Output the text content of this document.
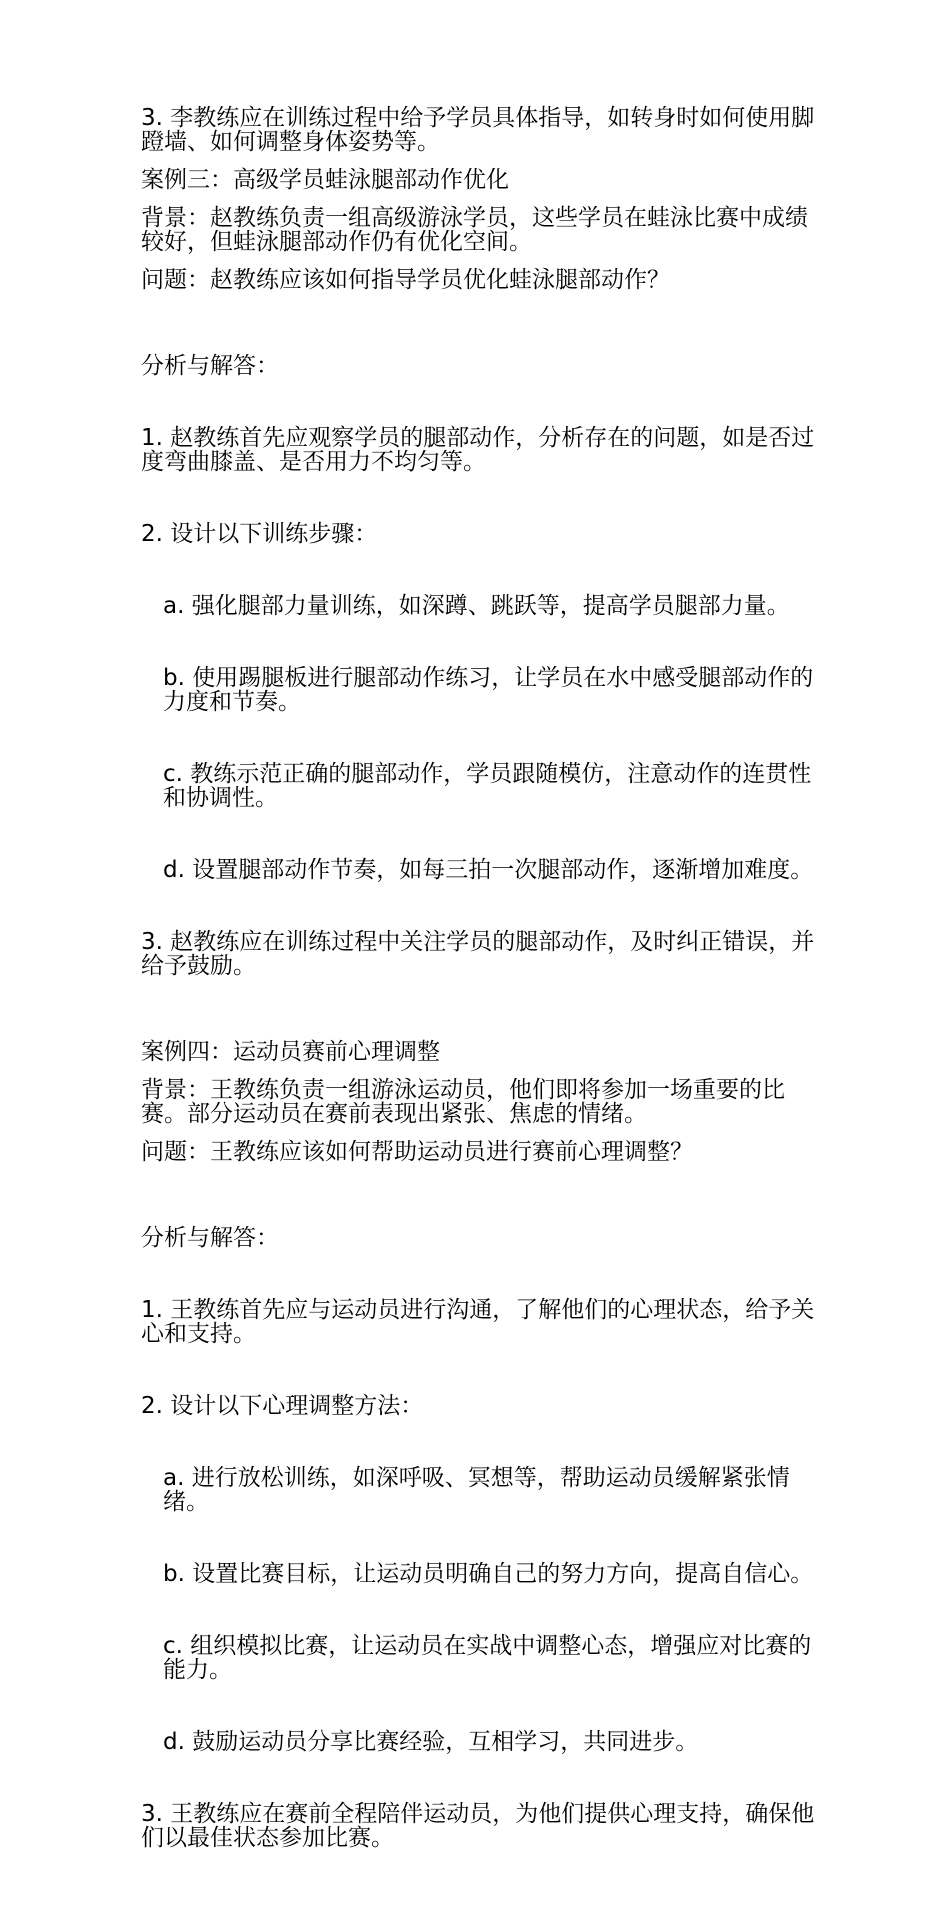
3. 李教练应在训练过程中给予学员具体指导，如转身时如何使用脚蹬墙、如何调整身体姿势等。

案例三：高级学员蛙泳腿部动作优化

背景：赵教练负责一组高级游泳学员，这些学员在蛙泳比赛中成绩较好，但蛙泳腿部动作仍有优化空间。

问题：赵教练应该如何指导学员优化蛙泳腿部动作？

分析与解答：

1. 赵教练首先应观察学员的腿部动作，分析存在的问题，如是否过度弯曲膝盖、是否用力不均匀等。

2. 设计以下训练步骤：

a. 强化腿部力量训练，如深蹲、跳跃等，提高学员腿部力量。

b. 使用踢腿板进行腿部动作练习，让学员在水中感受腿部动作的力度和节奏。

c. 教练示范正确的腿部动作，学员跟随模仿，注意动作的连贯性和协调性。

d. 设置腿部动作节奏，如每三拍一次腿部动作，逐渐增加难度。

3. 赵教练应在训练过程中关注学员的腿部动作，及时纠正错误，并给予鼓励。

案例四：运动员赛前心理调整

背景：王教练负责一组游泳运动员，他们即将参加一场重要的比赛。部分运动员在赛前表现出紧张、焦虑的情绪。

问题：王教练应该如何帮助运动员进行赛前心理调整？

分析与解答：

1. 王教练首先应与运动员进行沟通，了解他们的心理状态，给予关心和支持。

2. 设计以下心理调整方法：

a. 进行放松训练，如深呼吸、冥想等，帮助运动员缓解紧张情绪。

b. 设置比赛目标，让运动员明确自己的努力方向，提高自信心。

c. 组织模拟比赛，让运动员在实战中调整心态，增强应对比赛的能力。

d. 鼓励运动员分享比赛经验，互相学习，共同进步。

3. 王教练应在赛前全程陪伴运动员，为他们提供心理支持，确保他们以最佳状态参加比赛。
